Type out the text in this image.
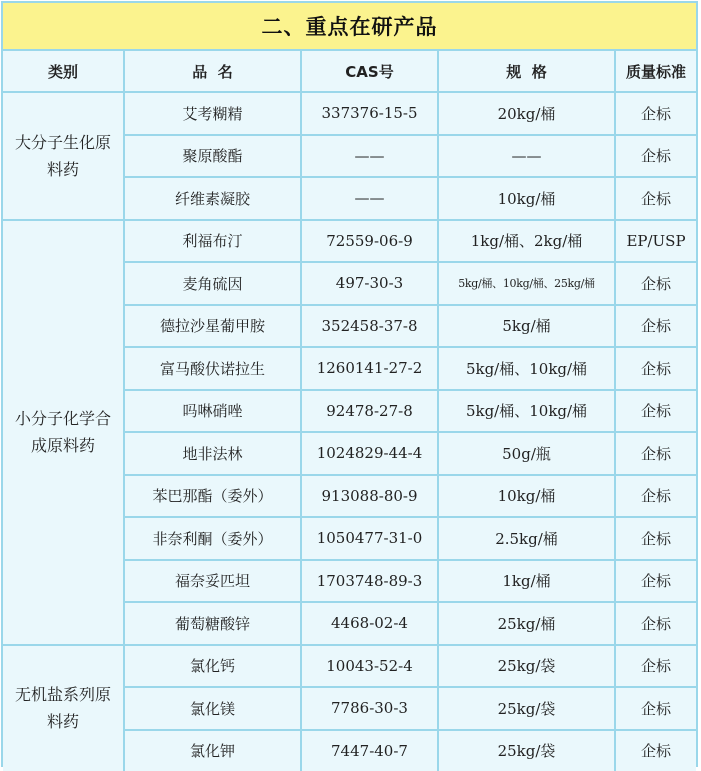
二、重点在研产品
类别	品  名	CAS号	规  格	质量标准
大分子生化原料药	艾考糊精	337376-15-5	20kg/桶	企标
	聚原酸酯	——	——	企标
	纤维素凝胶	——	10kg/桶	企标
小分子化学合成原料药	利福布汀	72559-06-9	1kg/桶、2kg/桶	EP/USP
	麦角硫因	497-30-3	5kg/桶、10kg/桶、25kg/桶	企标
	德拉沙星葡甲胺	352458-37-8	5kg/桶	企标
	富马酸伏诺拉生	1260141-27-2	5kg/桶、10kg/桶	企标
	吗啉硝唑	92478-27-8	5kg/桶、10kg/桶	企标
	地非法林	1024829-44-4	50g/瓶	企标
	苯巴那酯（委外）	913088-80-9	10kg/桶	企标
	非奈利酮（委外）	1050477-31-0	2.5kg/桶	企标
	福奈妥匹坦	1703748-89-3	1kg/桶	企标
	葡萄糖酸锌	4468-02-4	25kg/桶	企标
无机盐系列原料药	氯化钙	10043-52-4	25kg/袋	企标
	氯化镁	7786-30-3	25kg/袋	企标
	氯化钾	7447-40-7	25kg/袋	企标
